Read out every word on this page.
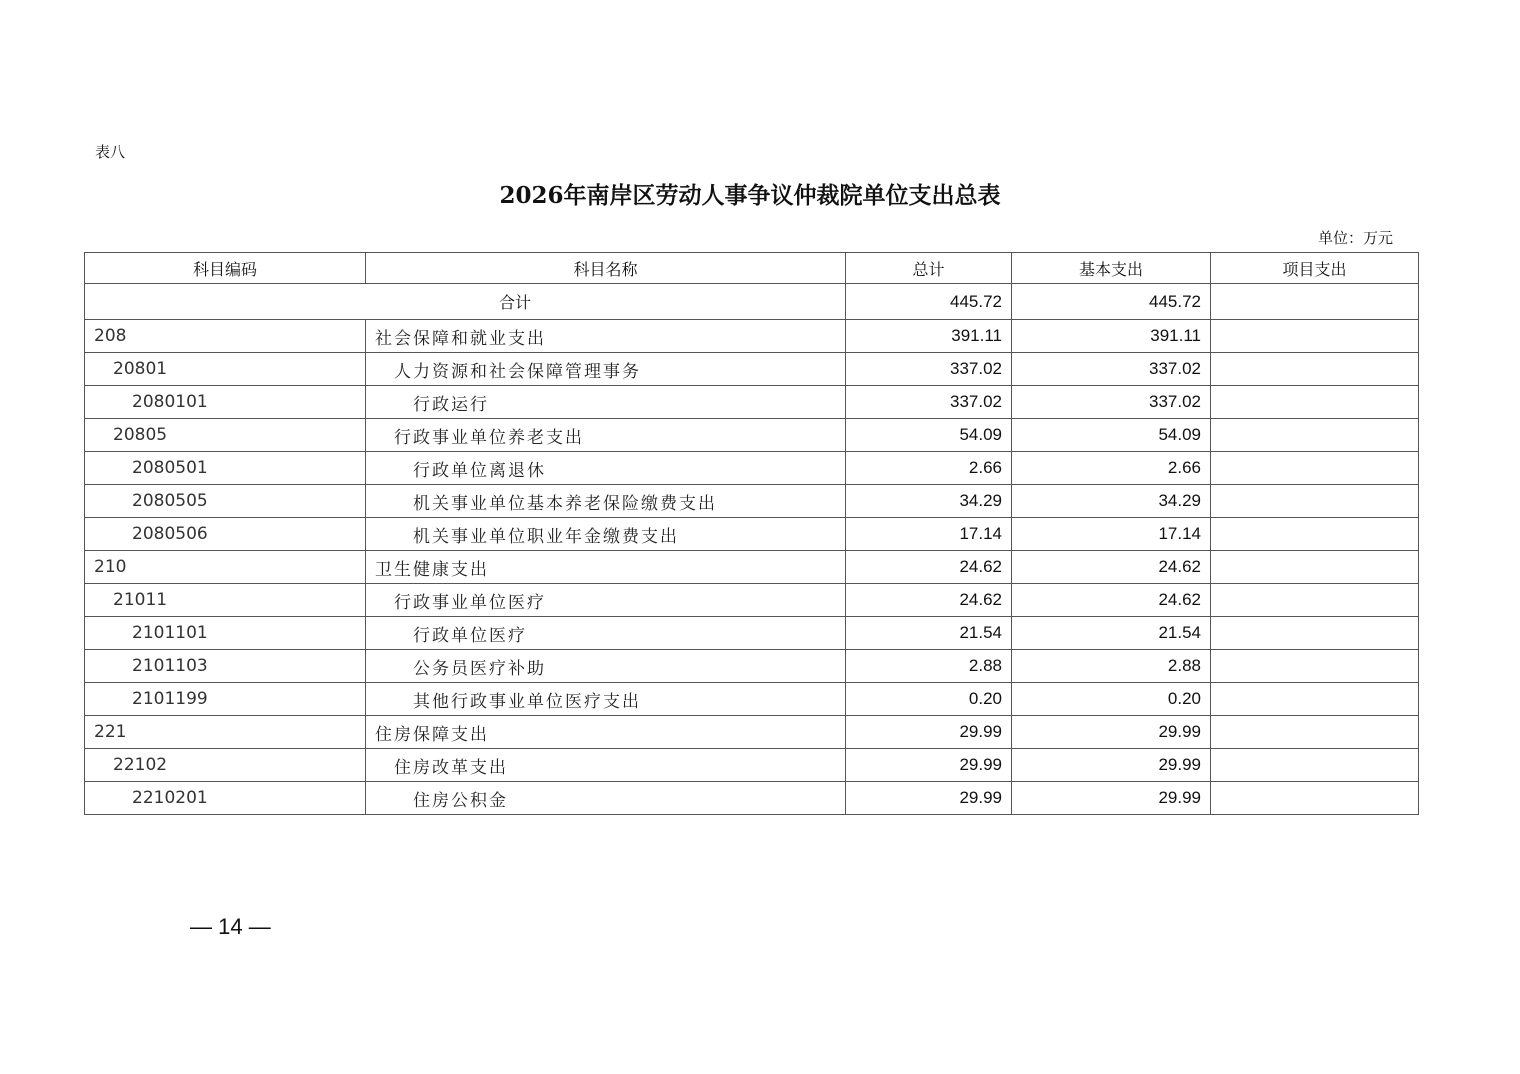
表八
2026年南岸区劳动人事争议仲裁院单位支出总表
单位：万元
科目编码	科目名称	总计	基本支出	项目支出
合计		445.72	445.72	
208	社会保障和就业支出	391.11	391.11	
20801	人力资源和社会保障管理事务	337.02	337.02	
2080101	行政运行	337.02	337.02	
20805	行政事业单位养老支出	54.09	54.09	
2080501	行政单位离退休	2.66	2.66	
2080505	机关事业单位基本养老保险缴费支出	34.29	34.29	
2080506	机关事业单位职业年金缴费支出	17.14	17.14	
210	卫生健康支出	24.62	24.62	
21011	行政事业单位医疗	24.62	24.62	
2101101	行政单位医疗	21.54	21.54	
2101103	公务员医疗补助	2.88	2.88	
2101199	其他行政事业单位医疗支出	0.20	0.20	
221	住房保障支出	29.99	29.99	
22102	住房改革支出	29.99	29.99	
2210201	住房公积金	29.99	29.99	
— 14 —
